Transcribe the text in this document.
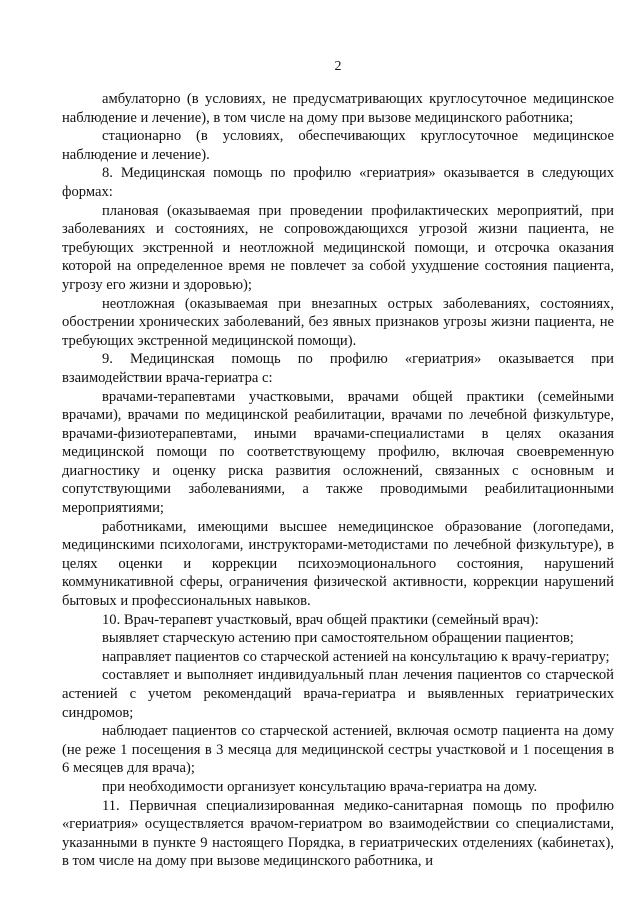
2

амбулаторно (в условиях, не предусматривающих круглосуточное медицинское наблюдение и лечение), в том числе на дому при вызове медицинского работника;

стационарно (в условиях, обеспечивающих круглосуточное медицинское наблюдение и лечение).

8. Медицинская помощь по профилю «гериатрия» оказывается в следующих формах:

плановая (оказываемая при проведении профилактических мероприятий, при заболеваниях и состояниях, не сопровождающихся угрозой жизни пациента, не требующих экстренной и неотложной медицинской помощи, и отсрочка оказания которой на определенное время не повлечет за собой ухудшение состояния пациента, угрозу его жизни и здоровью);

неотложная (оказываемая при внезапных острых заболеваниях, состояниях, обострении хронических заболеваний, без явных признаков угрозы жизни пациента, не требующих экстренной медицинской помощи).

9. Медицинская помощь по профилю «гериатрия» оказывается при взаимодействии врача-гериатра с:

врачами-терапевтами участковыми, врачами общей практики (семейными врачами), врачами по медицинской реабилитации, врачами по лечебной физкультуре, врачами-физиотерапевтами, иными врачами-специалистами в целях оказания медицинской помощи по соответствующему профилю, включая своевременную диагностику и оценку риска развития осложнений, связанных с основным и сопутствующими заболеваниями, а также проводимыми реабилитационными мероприятиями;

работниками, имеющими высшее немедицинское образование (логопедами, медицинскими психологами, инструкторами-методистами по лечебной физкультуре), в целях оценки и коррекции психоэмоционального состояния, нарушений коммуникативной сферы, ограничения физической активности, коррекции нарушений бытовых и профессиональных навыков.

10. Врач-терапевт участковый, врач общей практики (семейный врач):

выявляет старческую астению при самостоятельном обращении пациентов;

направляет пациентов со старческой астенией на консультацию к врачу-гериатру;

составляет и выполняет индивидуальный план лечения пациентов со старческой астенией с учетом рекомендаций врача-гериатра и выявленных гериатрических синдромов;

наблюдает пациентов со старческой астенией, включая осмотр пациента на дому (не реже 1 посещения в 3 месяца для медицинской сестры участковой и 1 посещения в 6 месяцев для врача);

при необходимости организует консультацию врача-гериатра на дому.

11. Первичная специализированная медико-санитарная помощь по профилю «гериатрия» осуществляется врачом-гериатром во взаимодействии со специалистами, указанными в пункте 9 настоящего Порядка, в гериатрических отделениях (кабинетах), в том числе на дому при вызове медицинского работника, и
